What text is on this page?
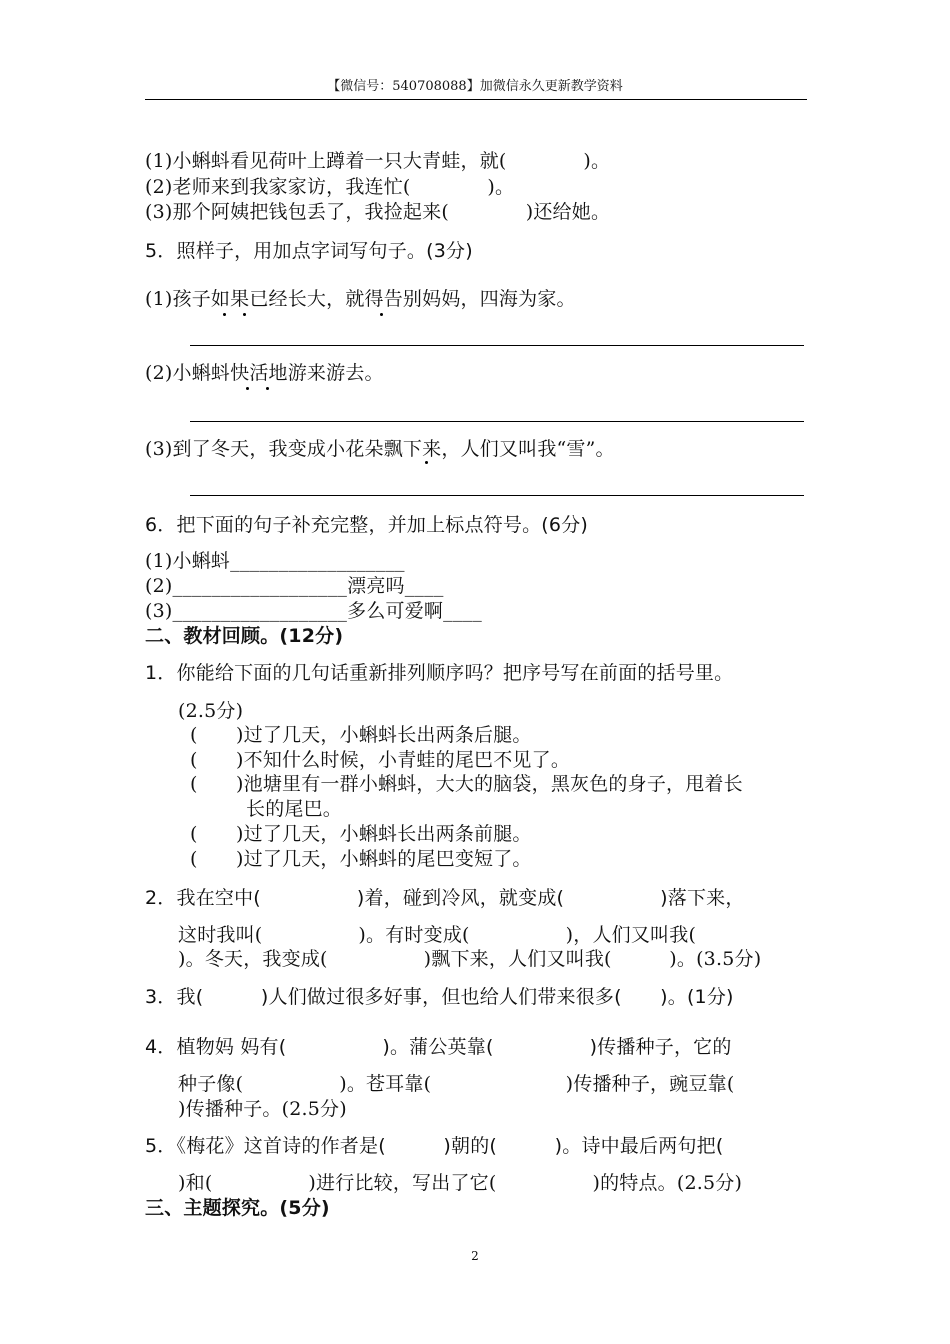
【微信号：540708088】加微信永久更新教学资料
(1)小蝌蚪看见荷叶上蹲着一只大青蛙，就(　　　　)。
(2)老师来到我家家访，我连忙(　　　　)。
(3)那个阿姨把钱包丢了，我捡起来(　　　　)还给她。
5．照样子，用加点字词写句子。(3分)
(1)孩子如果已经长大，就得告别妈妈，四海为家。
(2)小蝌蚪快活地游来游去。
(3)到了冬天，我变成小花朵飘下来，人们又叫我“雪”。
6．把下面的句子补充完整，并加上标点符号。(6分)
(1)小蝌蚪__________________
(2)__________________漂亮吗____
(3)__________________多么可爱啊____
二、教材回顾。(12分)
1．你能给下面的几句话重新排列顺序吗？把序号写在前面的括号里。
(2.5分)
(　　)过了几天，小蝌蚪长出两条后腿。
(　　)不知什么时候，小青蛙的尾巴不见了。
(　　)池塘里有一群小蝌蚪，大大的脑袋，黑灰色的身子，甩着长
长的尾巴。
(　　)过了几天，小蝌蚪长出两条前腿。
(　　)过了几天，小蝌蚪的尾巴变短了。
2．我在空中(　　　　　)着，碰到冷风，就变成(　　　　　)落下来，
这时我叫(　　　　　)。有时变成(　　　　　)，人们又叫我(
)。冬天，我变成(　　　　　)飘下来，人们又叫我(　　　)。(3.5分)
3．我(　　　)人们做过很多好事，但也给人们带来很多(　　)。(1分)
4．植物妈 妈有(　　　　　)。蒲公英靠(　　　　　)传播种子，它的
种子像(　　　　　)。苍耳靠(　　　　　　　)传播种子，豌豆靠(
)传播种子。(2.5分)
5．《梅花》这首诗的作者是(　　　)朝的(　　　)。诗中最后两句把(
)和(　　　　　)进行比较，写出了它(　　　　　)的特点。(2.5分)
三、主题探究。(5分)
2
